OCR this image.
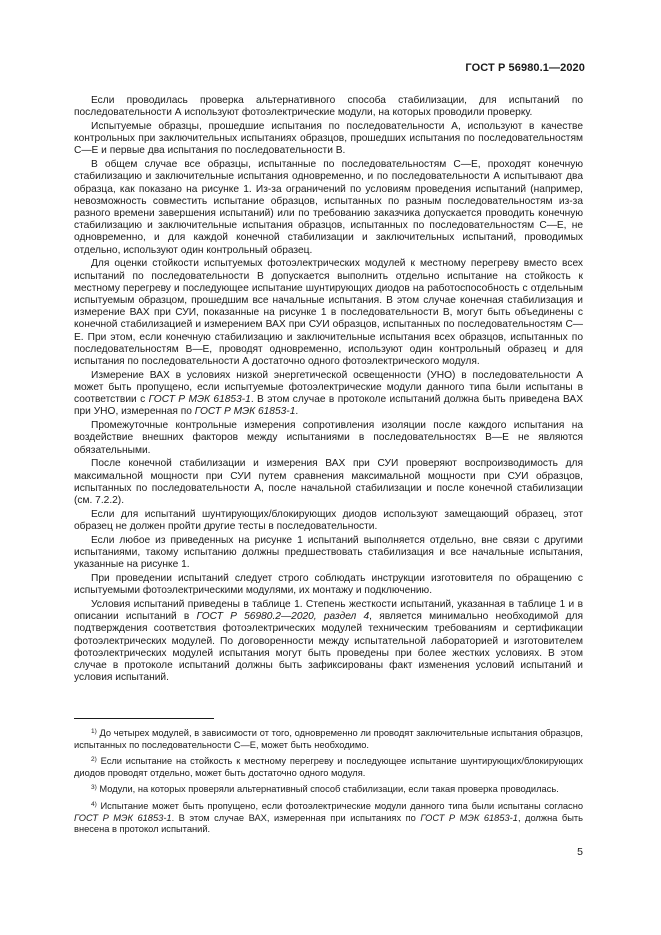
ГОСТ Р 56980.1—2020

Если проводилась проверка альтернативного способа стабилизации, для испытаний по последовательности А используют фотоэлектрические модули, на которых проводили проверку.

Испытуемые образцы, прошедшие испытания по последовательности А, используют в качестве контрольных при заключительных испытаниях образцов, прошедших испытания по последовательностям С—Е и первые два испытания по последовательности В.

В общем случае все образцы, испытанные по последовательностям С—Е, проходят конечную стабилизацию и заключительные испытания одновременно, и по последовательности А испытывают два образца, как показано на рисунке 1. Из-за ограничений по условиям проведения испытаний (например, невозможность совместить испытание образцов, испытанных по разным последовательностям из-за разного времени завершения испытаний) или по требованию заказчика допускается проводить конечную стабилизацию и заключительные испытания образцов, испытанных по последовательностям С—Е, не одновременно, и для каждой конечной стабилизации и заключительных испытаний, проводимых отдельно, используют один контрольный образец.

Для оценки стойкости испытуемых фотоэлектрических модулей к местному перегреву вместо всех испытаний по последовательности В допускается выполнить отдельно испытание на стойкость к местному перегреву и последующее испытание шунтирующих диодов на работоспособность с отдельным испытуемым образцом, прошедшим все начальные испытания. В этом случае конечная стабилизация и измерение ВАХ при СУИ, показанные на рисунке 1 в последовательности В, могут быть объединены с конечной стабилизацией и измерением ВАХ при СУИ образцов, испытанных по последовательностям С—Е. При этом, если конечную стабилизацию и заключительные испытания всех образцов, испытанных по последовательностям В—Е, проводят одновременно, используют один контрольный образец и для испытания по последовательности А достаточно одного фотоэлектрического модуля.

Измерение ВАХ в условиях низкой энергетической освещенности (УНО) в последовательности А может быть пропущено, если испытуемые фотоэлектрические модули данного типа были испытаны в соответствии с ГОСТ Р МЭК 61853-1. В этом случае в протоколе испытаний должна быть приведена ВАХ при УНО, измеренная по ГОСТ Р МЭК 61853-1.

Промежуточные контрольные измерения сопротивления изоляции после каждого испытания на воздействие внешних факторов между испытаниями в последовательностях В—Е не являются обязательными.

После конечной стабилизации и измерения ВАХ при СУИ проверяют воспроизводимость для максимальной мощности при СУИ путем сравнения максимальной мощности при СУИ образцов, испытанных по последовательности А, после начальной стабилизации и после конечной стабилизации (см. 7.2.2).

Если для испытаний шунтирующих/блокирующих диодов используют замещающий образец, этот образец не должен пройти другие тесты в последовательности.

Если любое из приведенных на рисунке 1 испытаний выполняется отдельно, вне связи с другими испытаниями, такому испытанию должны предшествовать стабилизация и все начальные испытания, указанные на рисунке 1.

При проведении испытаний следует строго соблюдать инструкции изготовителя по обращению с испытуемыми фотоэлектрическими модулями, их монтажу и подключению.

Условия испытаний приведены в таблице 1. Степень жесткости испытаний, указанная в таблице 1 и в описании испытаний в ГОСТ Р 56980.2—2020, раздел 4, является минимально необходимой для подтверждения соответствия фотоэлектрических модулей техническим требованиям и сертификации фотоэлектрических модулей. По договоренности между испытательной лабораторией и изготовителем фотоэлектрических модулей испытания могут быть проведены при более жестких условиях. В этом случае в протоколе испытаний должны быть зафиксированы факт изменения условий испытаний и условия испытаний.

$^{1)}$ До четырех модулей, в зависимости от того, одновременно ли проводят заключительные испытания образцов, испытанных по последовательности С—Е, может быть необходимо.

$^{2)}$ Если испытание на стойкость к местному перегреву и последующее испытание шунтирующих/блокирующих диодов проводят отдельно, может быть достаточно одного модуля.

$^{3)}$ Модули, на которых проверяли альтернативный способ стабилизации, если такая проверка проводилась.

$^{4)}$ Испытание может быть пропущено, если фотоэлектрические модули данного типа были испытаны согласно ГОСТ Р МЭК 61853-1. В этом случае ВАХ, измеренная при испытаниях по ГОСТ Р МЭК 61853-1, должна быть внесена в протокол испытаний.

5
